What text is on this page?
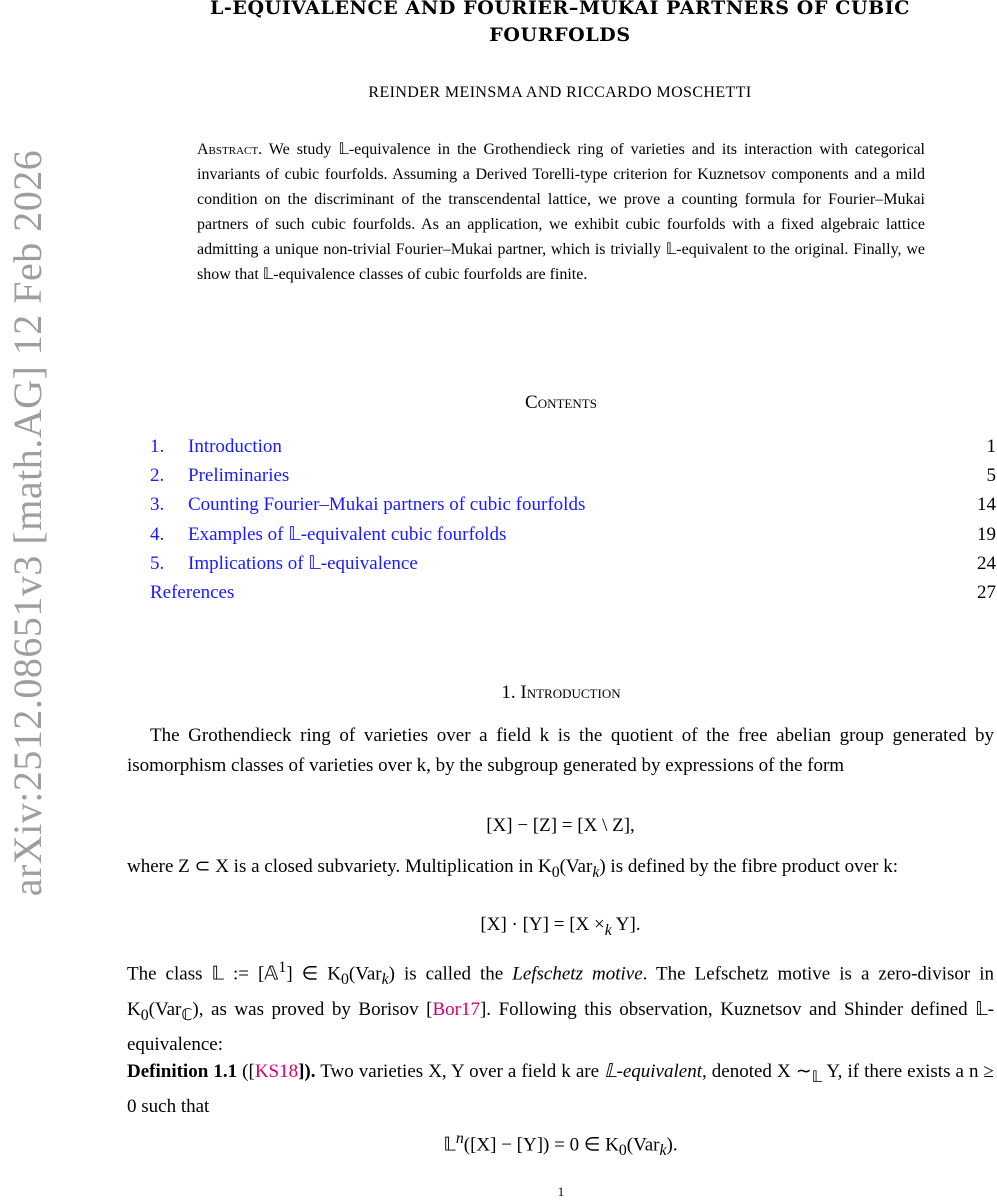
arXiv:2512.08651v3 [math.AG] 12 Feb 2026
L-EQUIVALENCE AND FOURIER–MUKAI PARTNERS OF CUBIC
FOURFOLDS
REINDER MEINSMA AND RICCARDO MOSCHETTI
Abstract. We study 𝕃-equivalence in the Grothendieck ring of varieties and its interaction with categorical invariants of cubic fourfolds. Assuming a Derived Torelli-type criterion for Kuznetsov components and a mild condition on the discriminant of the transcendental lattice, we prove a counting formula for Fourier–Mukai partners of such cubic fourfolds. As an application, we exhibit cubic fourfolds with a fixed algebraic lattice admitting a unique non-trivial Fourier–Mukai partner, which is trivially 𝕃-equivalent to the original. Finally, we show that 𝕃-equivalence classes of cubic fourfolds are finite.
Contents
1. Introduction	1
2. Preliminaries	5
3. Counting Fourier–Mukai partners of cubic fourfolds	14
4. Examples of 𝕃-equivalent cubic fourfolds	19
5. Implications of 𝕃-equivalence	24
References	27
1. Introduction
The Grothendieck ring of varieties over a field k is the quotient of the free abelian group generated by isomorphism classes of varieties over k, by the subgroup generated by expressions of the form
[X] − [Z] = [X \ Z],
where Z ⊂ X is a closed subvariety. Multiplication in $K_0(Var_k)$ is defined by the fibre product over k:
$[X] \cdot [Y] = [X \times_k$ Y].
The class 𝕃 := [𝔸$^1$] ∈ $K_0(Var_k)$ is called the Lefschetz motive. The Lefschetz motive is a zero-divisor in $K_0(Var_ℂ)$, as was proved by Borisov [Bor17]. Following this observation, Kuznetsov and Shinder defined 𝕃-equivalence:
Definition 1.1 ([KS18]). Two varieties X, Y over a field k are 𝕃-equivalent, denoted X $\sim_𝕃$ Y, if there exists a n ≥ 0 such that
𝕃$^n$([X] − [Y]) = 0 ∈ $K_0(Var_k)$.
1
